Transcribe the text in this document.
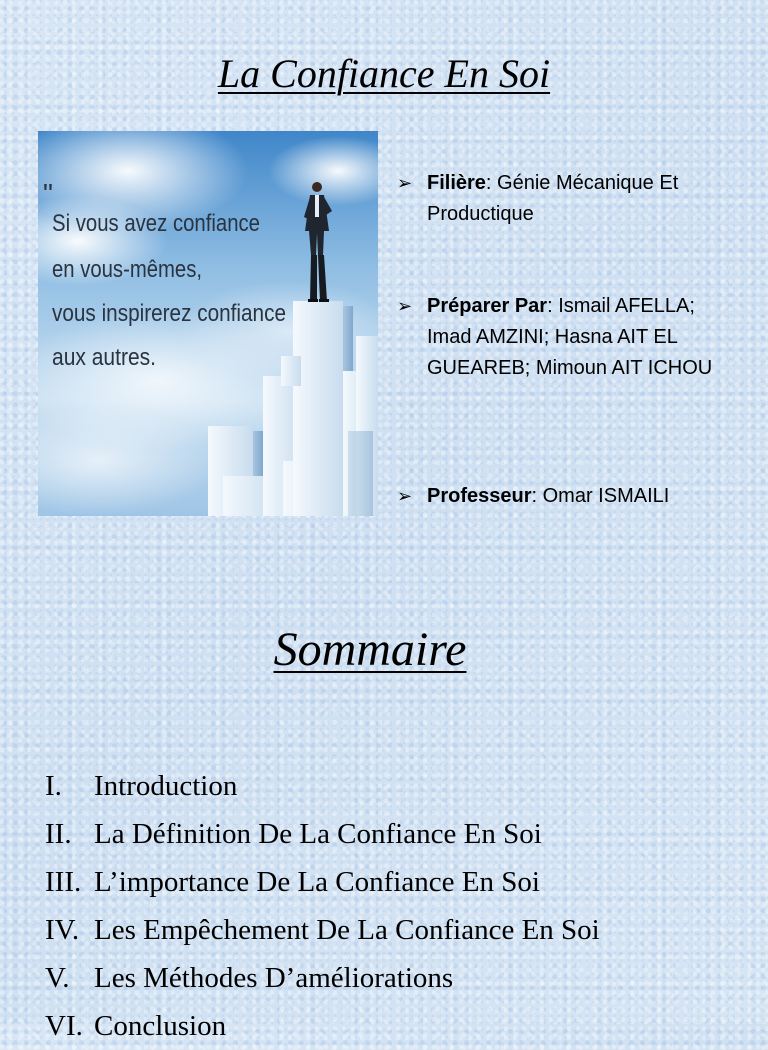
La Confiance En Soi
"
Si vous avez confiance
en vous-mêmes,
vous inspirerez confiance
aux autres.
➢ Filière: Génie Mécanique Et Productique
➢ Préparer Par: Ismail AFELLA; Imad AMZINI; Hasna AIT EL GUEAREB; Mimoun AIT ICHOU
➢ Professeur: Omar ISMAILI
Sommaire
I.	Introduction
II. La Définition De La Confiance En Soi
III. L’importance De La Confiance En Soi
IV. Les Empêchement De La Confiance En Soi
V. Les Méthodes D’améliorations
VI. Conclusion
